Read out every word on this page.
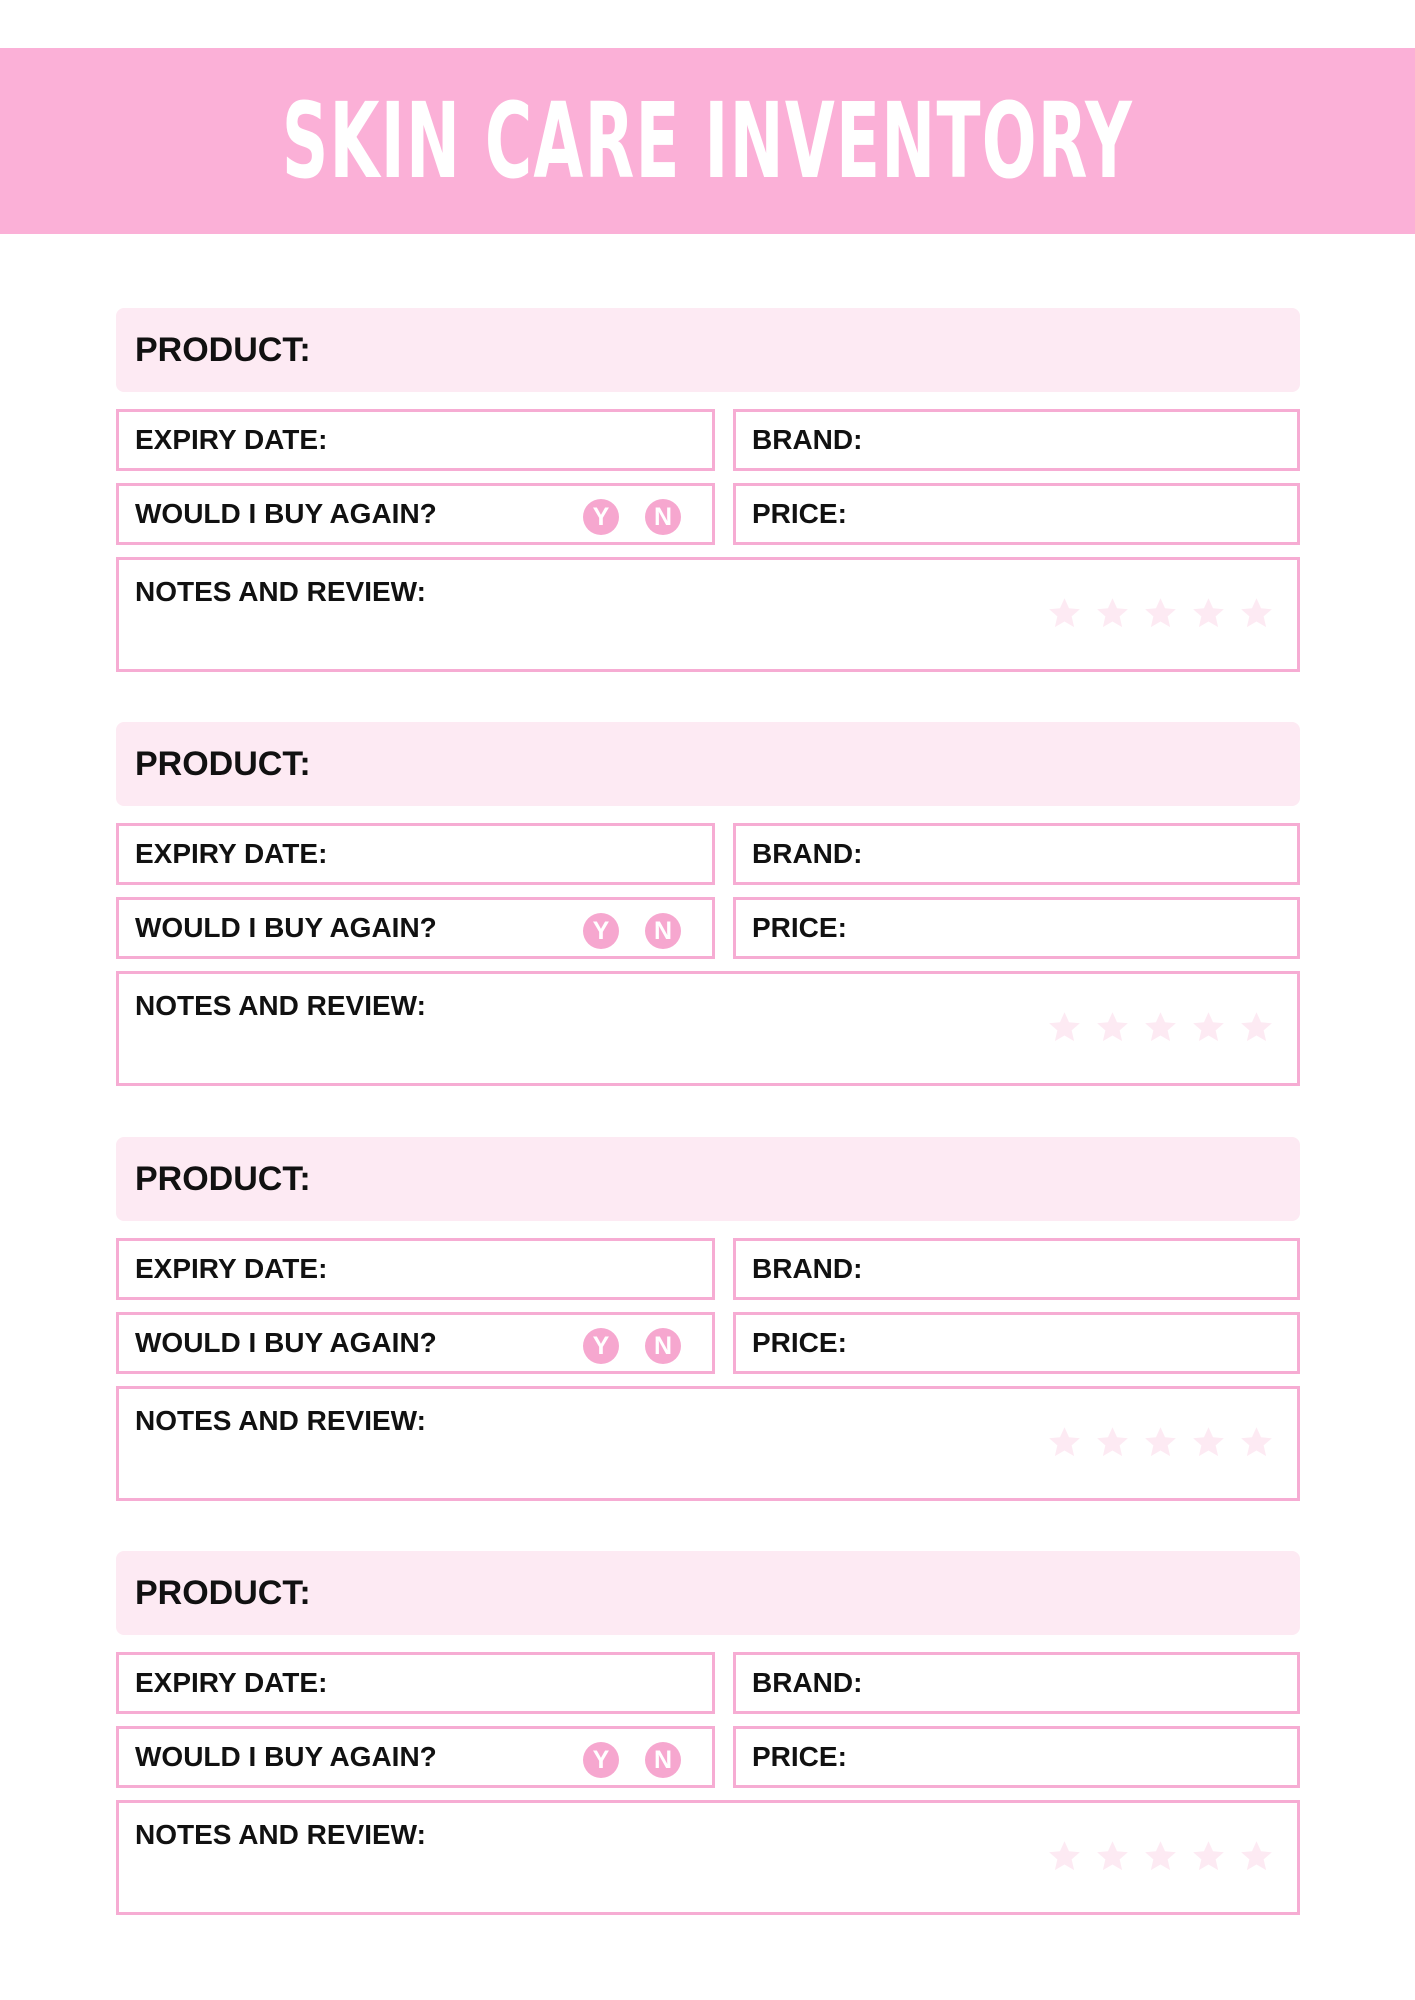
SKIN CARE INVENTORY
PRODUCT:
EXPIRY DATE:	BRAND:
WOULD I BUY AGAIN?	Y	N	PRICE:
NOTES AND REVIEW:
PRODUCT:
EXPIRY DATE:	BRAND:
WOULD I BUY AGAIN?	Y	N	PRICE:
NOTES AND REVIEW:
PRODUCT:
EXPIRY DATE:	BRAND:
WOULD I BUY AGAIN?	Y	N	PRICE:
NOTES AND REVIEW:
PRODUCT:
EXPIRY DATE:	BRAND:
WOULD I BUY AGAIN?	Y	N	PRICE:
NOTES AND REVIEW:
